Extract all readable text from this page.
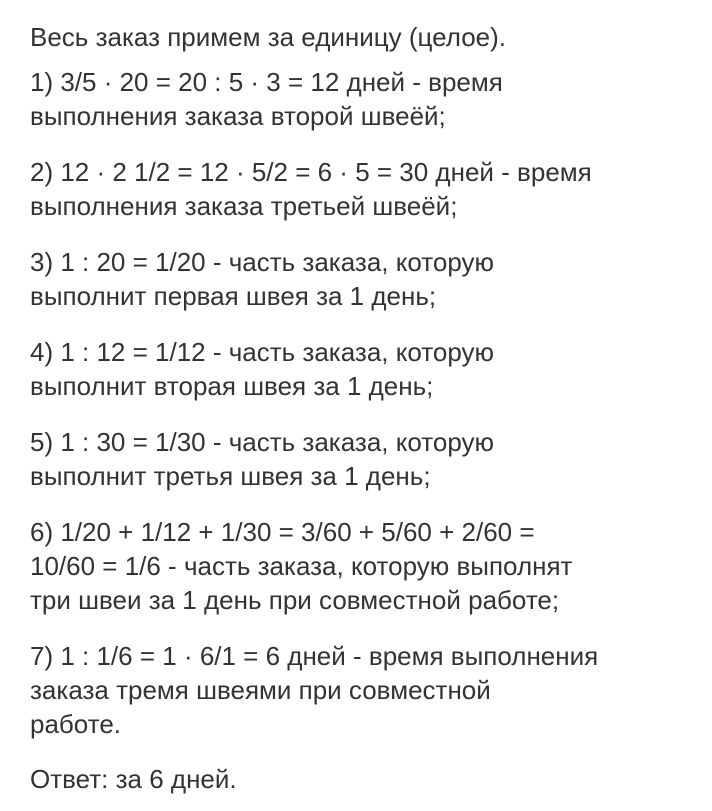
Весь заказ примем за единицу (целое).

1) 3/5 · 20 = 20 : 5 · 3 = 12 дней - время
выполнения заказа второй швеёй;
2) 12 · 2 1/2 = 12 · 5/2 = 6 · 5 = 30 дней - время
выполнения заказа третьей швеёй;
3) 1 : 20 = 1/20 - часть заказа, которую
выполнит первая швея за 1 день;
4) 1 : 12 = 1/12 - часть заказа, которую
выполнит вторая швея за 1 день;
5) 1 : 30 = 1/30 - часть заказа, которую
выполнит третья швея за 1 день;
6) 1/20 + 1/12 + 1/30 = 3/60 + 5/60 + 2/60 =
10/60 = 1/6 - часть заказа, которую выполнят
три швеи за 1 день при совместной работе;
7) 1 : 1/6 = 1 · 6/1 = 6 дней - время выполнения
заказа тремя швеями при совместной
работе.

Ответ: за 6 дней.
